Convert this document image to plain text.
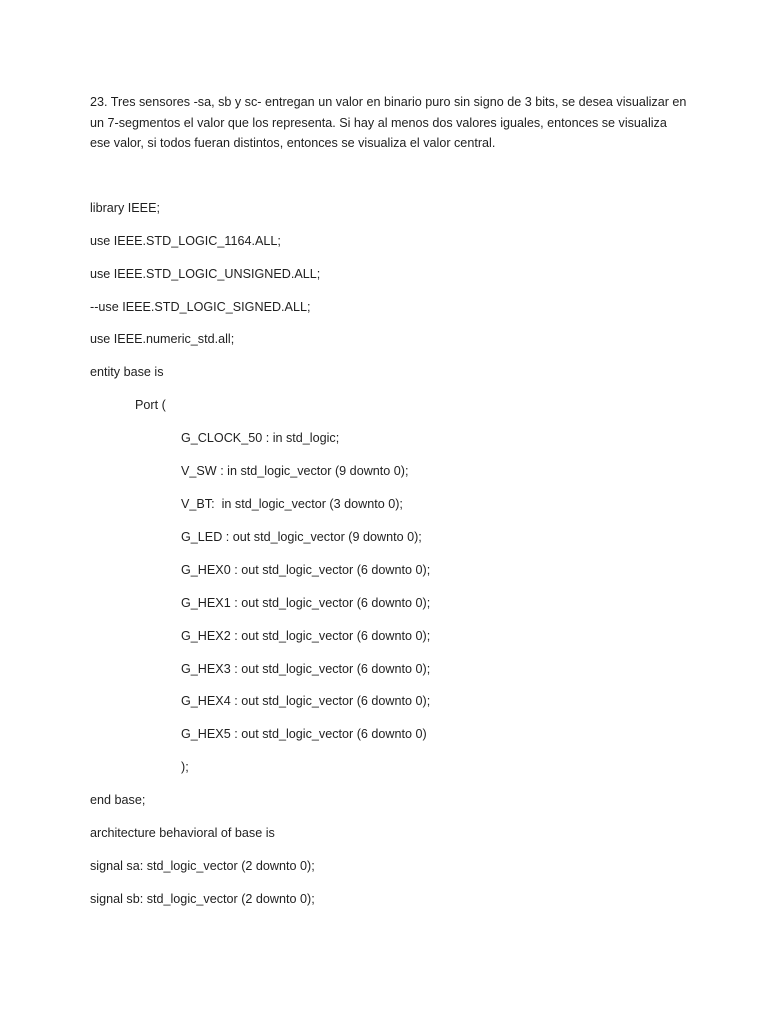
23. Tres sensores -sa, sb y sc- entregan un valor en binario puro sin signo de 3 bits, se desea visualizar en
un 7-segmentos el valor que los representa. Si hay al menos dos valores iguales, entonces se visualiza
ese valor, si todos fueran distintos, entonces se visualiza el valor central.
library IEEE;
use IEEE.STD_LOGIC_1164.ALL;
use IEEE.STD_LOGIC_UNSIGNED.ALL;
--use IEEE.STD_LOGIC_SIGNED.ALL;
use IEEE.numeric_std.all;
entity base is
Port (
G_CLOCK_50 : in std_logic;
V_SW : in std_logic_vector (9 downto 0);
V_BT:  in std_logic_vector (3 downto 0);
G_LED : out std_logic_vector (9 downto 0);
G_HEX0 : out std_logic_vector (6 downto 0);
G_HEX1 : out std_logic_vector (6 downto 0);
G_HEX2 : out std_logic_vector (6 downto 0);
G_HEX3 : out std_logic_vector (6 downto 0);
G_HEX4 : out std_logic_vector (6 downto 0);
G_HEX5 : out std_logic_vector (6 downto 0)
);
end base;
architecture behavioral of base is
signal sa: std_logic_vector (2 downto 0);
signal sb: std_logic_vector (2 downto 0);
